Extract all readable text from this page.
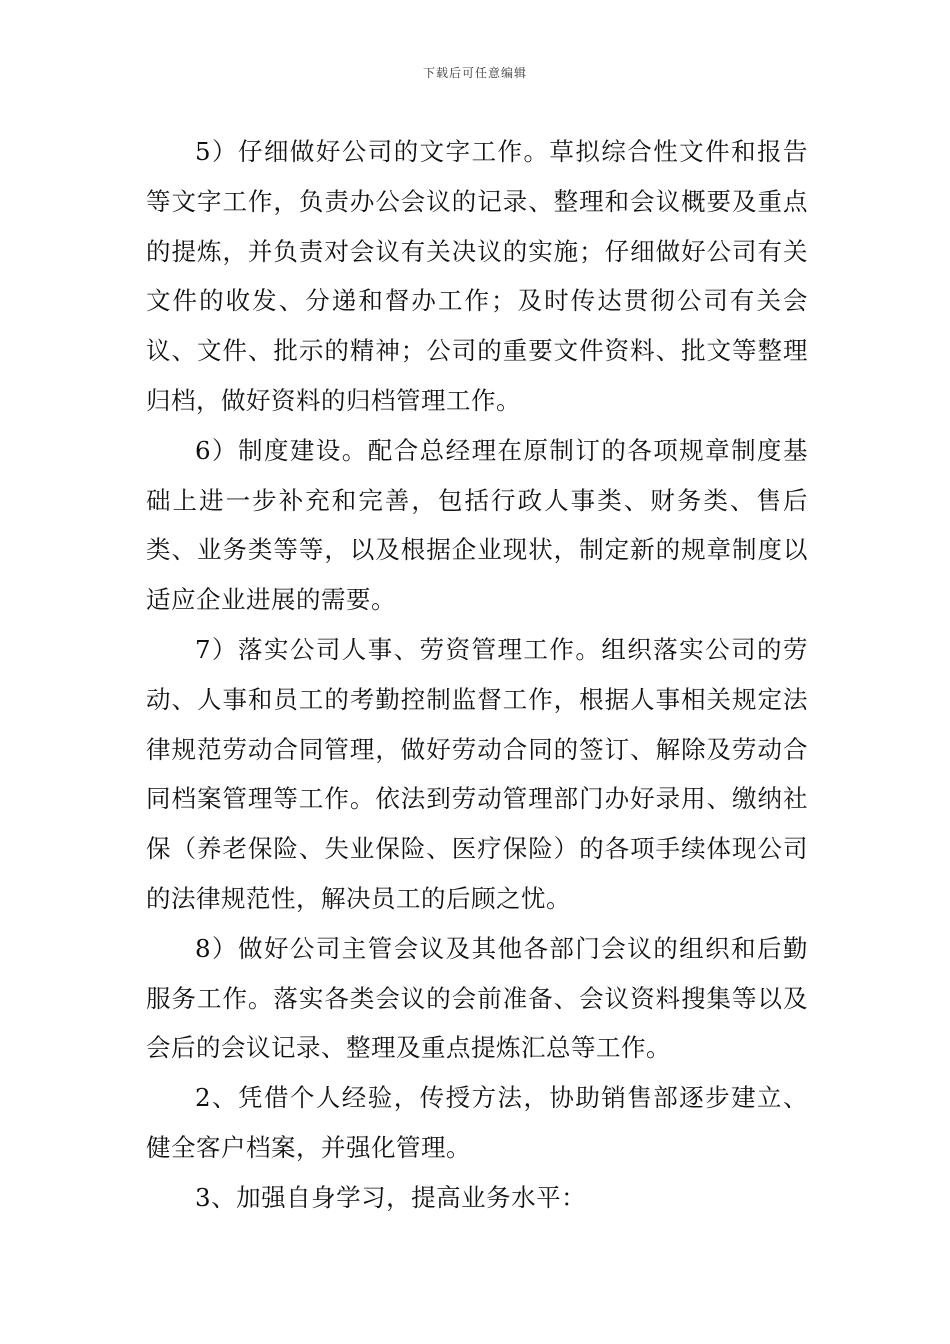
下载后可任意编辑

5）仔细做好公司的文字工作。草拟综合性文件和报告等文字工作，负责办公会议的记录、整理和会议概要及重点的提炼，并负责对会议有关决议的实施；仔细做好公司有关文件的收发、分递和督办工作；及时传达贯彻公司有关会议、文件、批示的精神；公司的重要文件资料、批文等整理归档，做好资料的归档管理工作。

6）制度建设。配合总经理在原制订的各项规章制度基础上进一步补充和完善，包括行政人事类、财务类、售后类、业务类等等，以及根据企业现状，制定新的规章制度以适应企业进展的需要。

7）落实公司人事、劳资管理工作。组织落实公司的劳动、人事和员工的考勤控制监督工作，根据人事相关规定法律规范劳动合同管理，做好劳动合同的签订、解除及劳动合同档案管理等工作。依法到劳动管理部门办好录用、缴纳社保（养老保险、失业保险、医疗保险）的各项手续体现公司的法律规范性，解决员工的后顾之忧。

8）做好公司主管会议及其他各部门会议的组织和后勤服务工作。落实各类会议的会前准备、会议资料搜集等以及会后的会议记录、整理及重点提炼汇总等工作。

2、凭借个人经验，传授方法，协助销售部逐步建立、健全客户档案，并强化管理。

3、加强自身学习，提高业务水平：
